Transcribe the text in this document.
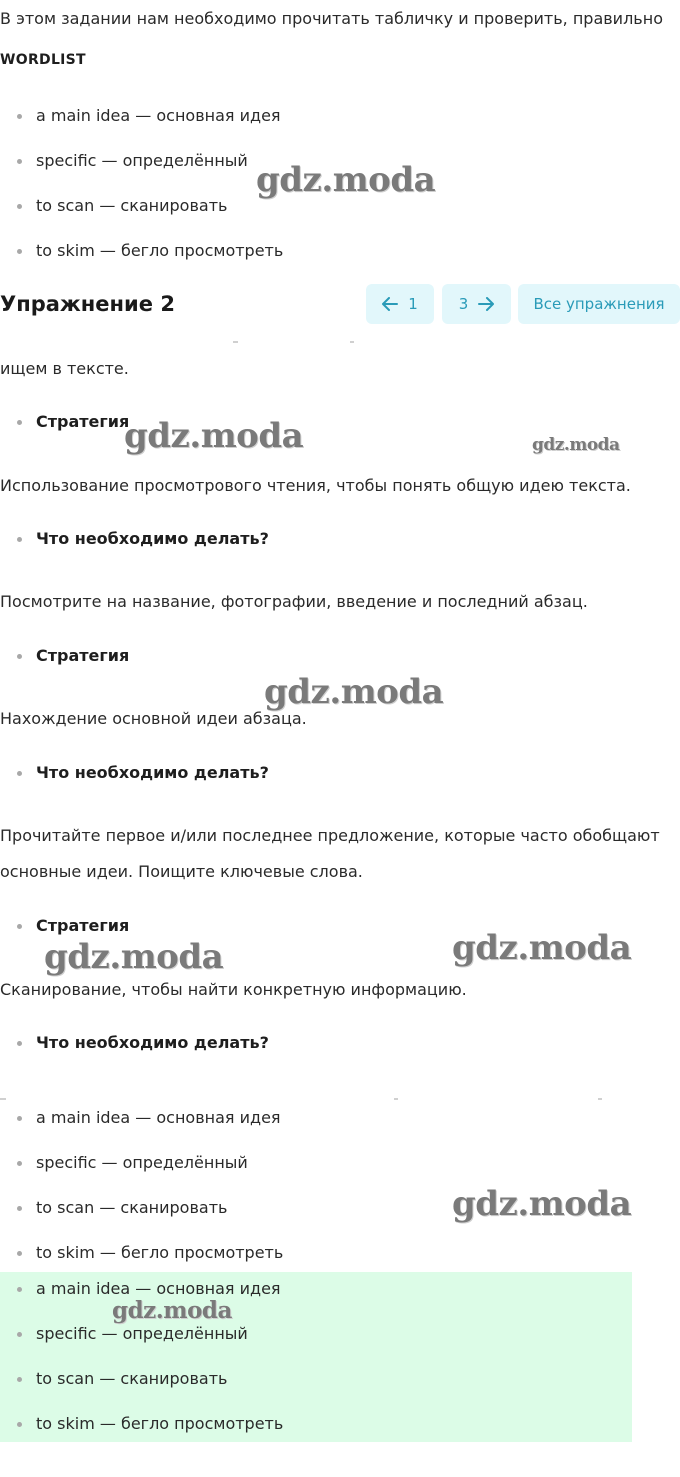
В этом задании нам необходимо прочитать табличку и проверить, правильно
WORDLIST
a main idea — основная идея
specific — определённый
to scan — сканировать
to skim — бегло просмотреть
Упражнение 2	1	3	Все упражнения
ищем в тексте.
Стратегия
Использование просмотрового чтения, чтобы понять общую идею текста.
Что необходимо делать?
Посмотрите на название, фотографии, введение и последний абзац.
Стратегия
Нахождение основной идеи абзаца.
Что необходимо делать?
Прочитайте первое и/или последнее предложение, которые часто обобщают
основные идеи. Поищите ключевые слова.
Стратегия
Сканирование, чтобы найти конкретную информацию.
Что необходимо делать?
a main idea — основная идея
specific — определённый
to scan — сканировать
to skim — бегло просмотреть
a main idea — основная идея
specific — определённый
to scan — сканировать
to skim — бегло просмотреть
gdz.moda
gdz.moda	gdz.moda
gdz.moda
gdz.moda	gdz.moda
gdz.moda
gdz.moda
